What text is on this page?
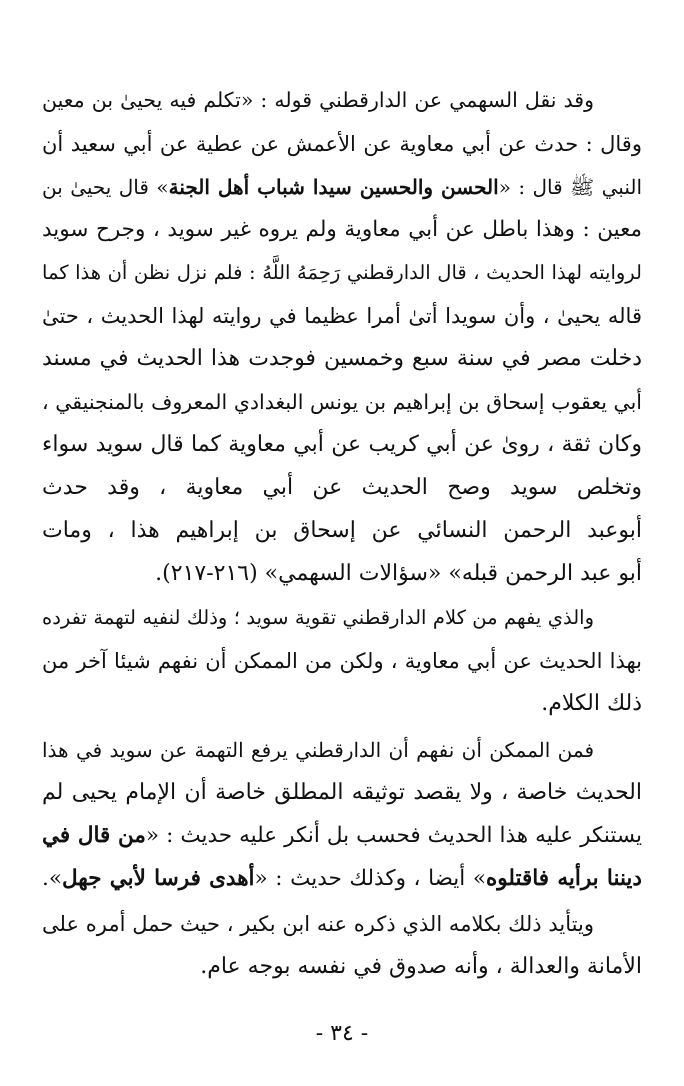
وقد نقل السهمي عن الدارقطني قوله : «تكلم فيه يحيىٰ بن معين
وقال : حدث عن أبي معاوية عن الأعمش عن عطية عن أبي سعيد أن
النبي ﷺ قال : «الحسن والحسين سيدا شباب أهل الجنة» قال يحيىٰ بن
معين : وهذا باطل عن أبي معاوية ولم يروه غير سويد ، وجرح سويد
لروايته لهذا الحديث ، قال الدارقطني رَحِمَهُ اللَّهُ : فلم نزل نظن أن هذا كما
قاله يحيىٰ ، وأن سويدا أتىٰ أمرا عظيما في روايته لهذا الحديث ، حتىٰ
دخلت مصر في سنة سبع وخمسين فوجدت هذا الحديث في مسند
أبي يعقوب إسحاق بن إبراهيم بن يونس البغدادي المعروف بالمنجنيقي ،
وكان ثقة ، روىٰ عن أبي كريب عن أبي معاوية كما قال سويد سواء
وتخلص سويد وصح الحديث عن أبي معاوية ، وقد حدث
أبوعبد الرحمن النسائي عن إسحاق بن إبراهيم هذا ، ومات
أبو عبد الرحمن قبله» «سؤالات السهمي» (٢١٦-٢١٧).
والذي يفهم من كلام الدارقطني تقوية سويد ؛ وذلك لنفيه لتهمة تفرده
بهذا الحديث عن أبي معاوية ، ولكن من الممكن أن نفهم شيئا آخر من
ذلك الكلام.
فمن الممكن أن نفهم أن الدارقطني يرفع التهمة عن سويد في هذا
الحديث خاصة ، ولا يقصد توثيقه المطلق خاصة أن الإمام يحيى لم
يستنكر عليه هذا الحديث فحسب بل أنكر عليه حديث : «من قال في
ديننا برأيه فاقتلوه» أيضا ، وكذلك حديث : «أهدى فرسا لأبي جهل».
ويتأيد ذلك بكلامه الذي ذكره عنه ابن بكير ، حيث حمل أمره على
الأمانة والعدالة ، وأنه صدوق في نفسه بوجه عام.
- ٣٤ -
